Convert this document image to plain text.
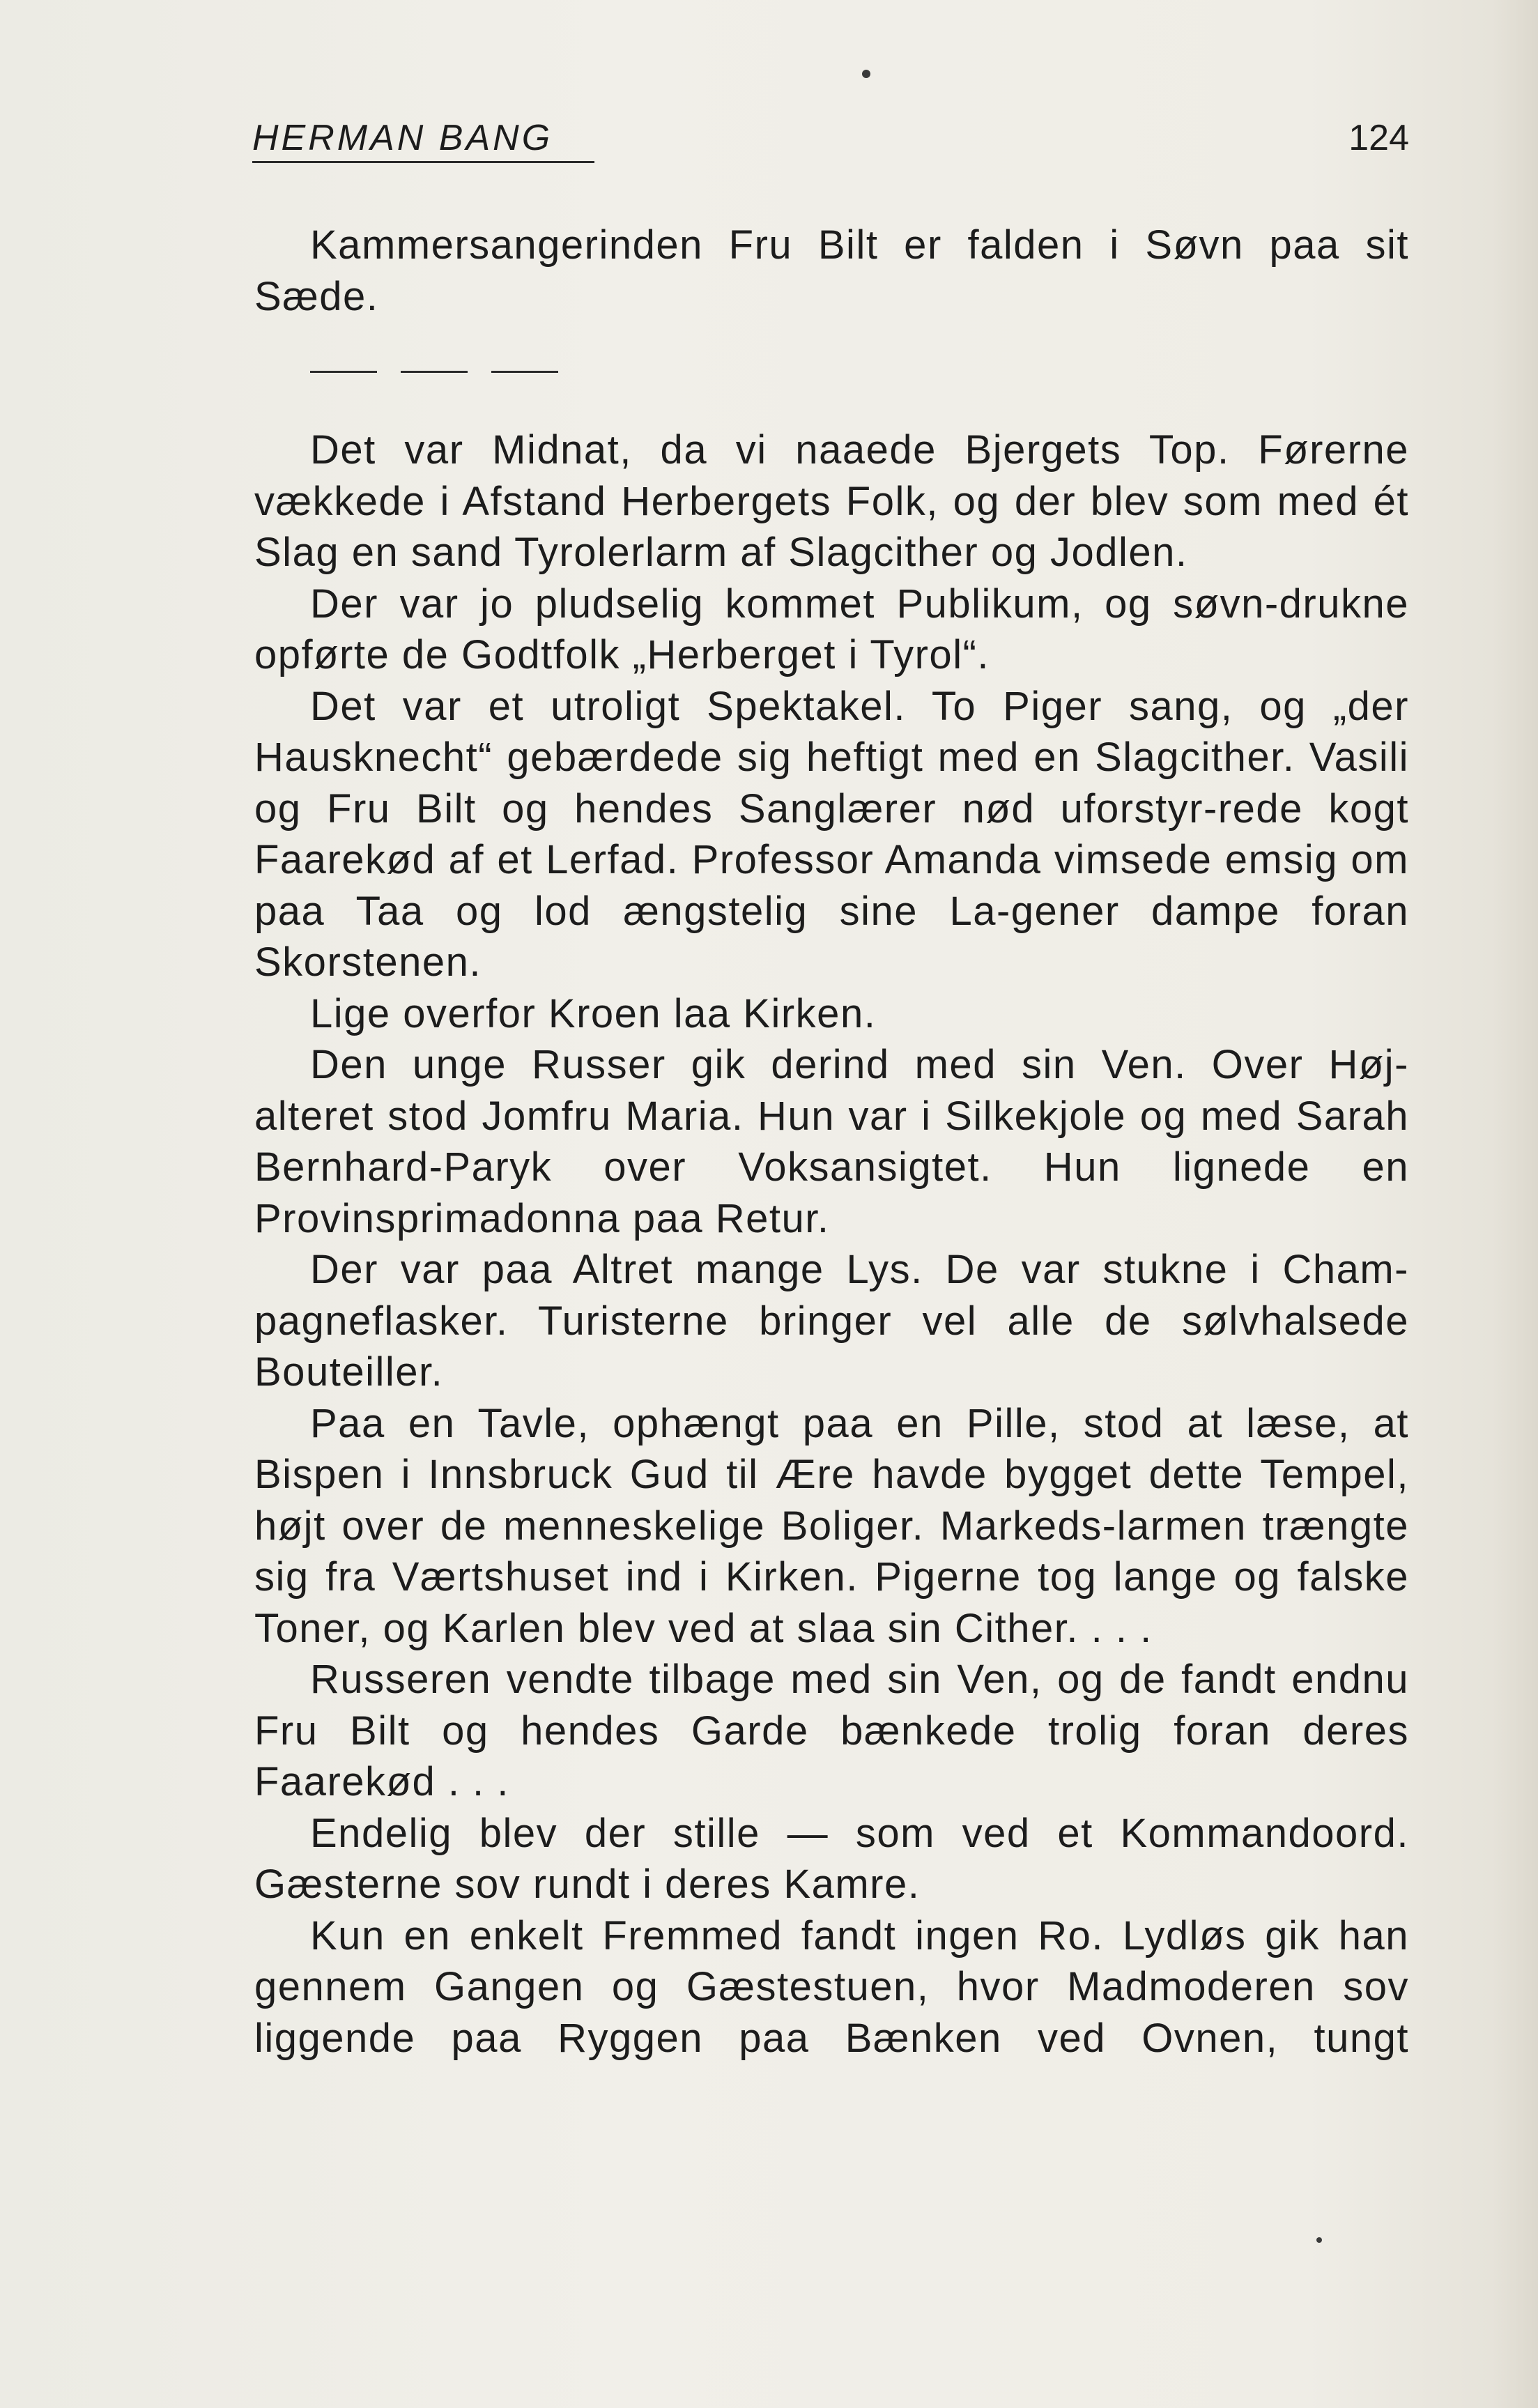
HERMAN BANG	124

Kammersangerinden Fru Bilt er falden i Søvn paa sit Sæde.

Det var Midnat, da vi naaede Bjergets Top. Førerne vækkede i Afstand Herbergets Folk, og der blev som med ét Slag en sand Tyrolerlarm af Slagcither og Jodlen.

Der var jo pludselig kommet Publikum, og søvn-drukne opførte de Godtfolk „Herberget i Tyrol“.

Det var et utroligt Spektakel. To Piger sang, og „der Hausknecht“ gebærdede sig heftigt med en Slagcither. Vasili og Fru Bilt og hendes Sanglærer nød uforstyr-rede kogt Faarekød af et Lerfad. Professor Amanda vimsede emsig om paa Taa og lod ængstelig sine La-gener dampe foran Skorstenen.

Lige overfor Kroen laa Kirken.

Den unge Russer gik derind med sin Ven. Over Høj-alteret stod Jomfru Maria. Hun var i Silkekjole og med Sarah Bernhard-Paryk over Voksansigtet. Hun lignede en Provinsprimadonna paa Retur.

Der var paa Altret mange Lys. De var stukne i Cham-pagneflasker. Turisterne bringer vel alle de sølvhalsede Bouteiller.

Paa en Tavle, ophængt paa en Pille, stod at læse, at Bispen i Innsbruck Gud til Ære havde bygget dette Tempel, højt over de menneskelige Boliger. Markeds-larmen trængte sig fra Værtshuset ind i Kirken. Pigerne tog lange og falske Toner, og Karlen blev ved at slaa sin Cither. . . .

Russeren vendte tilbage med sin Ven, og de fandt endnu Fru Bilt og hendes Garde bænkede trolig foran deres Faarekød . . .

Endelig blev der stille — som ved et Kommandoord. Gæsterne sov rundt i deres Kamre.

Kun en enkelt Fremmed fandt ingen Ro. Lydløs gik han gennem Gangen og Gæstestuen, hvor Madmoderen sov liggende paa Ryggen paa Bænken ved Ovnen, tungt
